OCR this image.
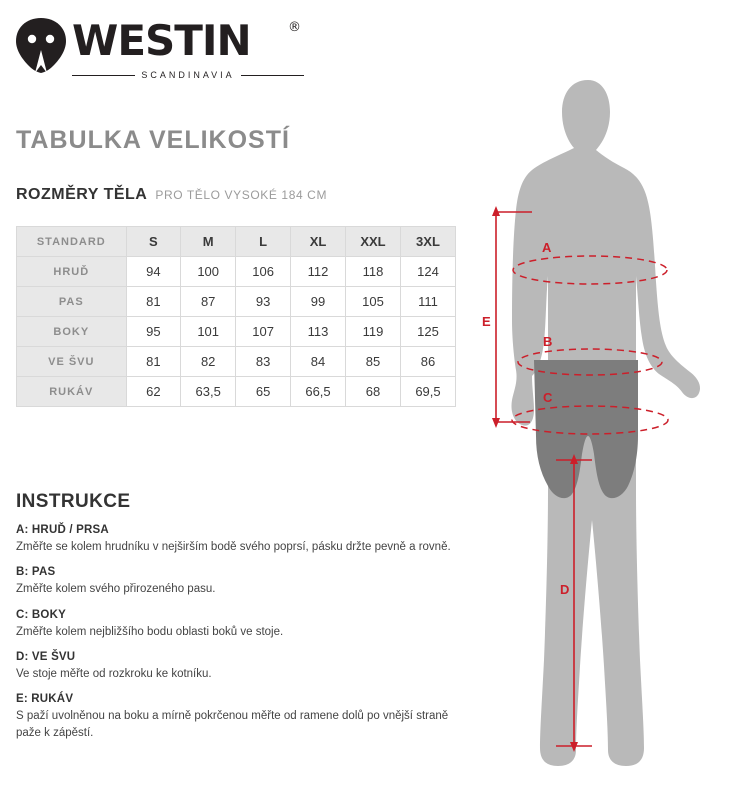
WESTIN	®
SCANDINAVIA
TABULKA VELIKOSTÍ
ROZMĚRY TĚLA PRO TĚLO VYSOKÉ 184 CM
STANDARD	S	M	L	XL	XXL	3XL
HRUĎ	94	100	106	112	118	124
PAS	81	87	93	99	105	111
BOKY	95	101	107	113	119	125
VE ŠVU	81	82	83	84	85	86
RUKÁV	62	63,5	65	66,5	68	69,5
INSTRUKCE
A: HRUĎ / PRSA
Změřte se kolem hrudníku v nejširším bodě svého poprsí, pásku držte pevně a rovně.
B: PAS
Změřte kolem svého přirozeného pasu.
C: BOKY
Změřte kolem nejbližšího bodu oblasti boků ve stoje.
D: VE ŠVU
Ve stoje měřte od rozkroku ke kotníku.
E: RUKÁV
S paží uvolněnou na boku a mírně pokrčenou měřte od ramene dolů po vnější straně paže k zápěstí.
E
A
B
C
D
